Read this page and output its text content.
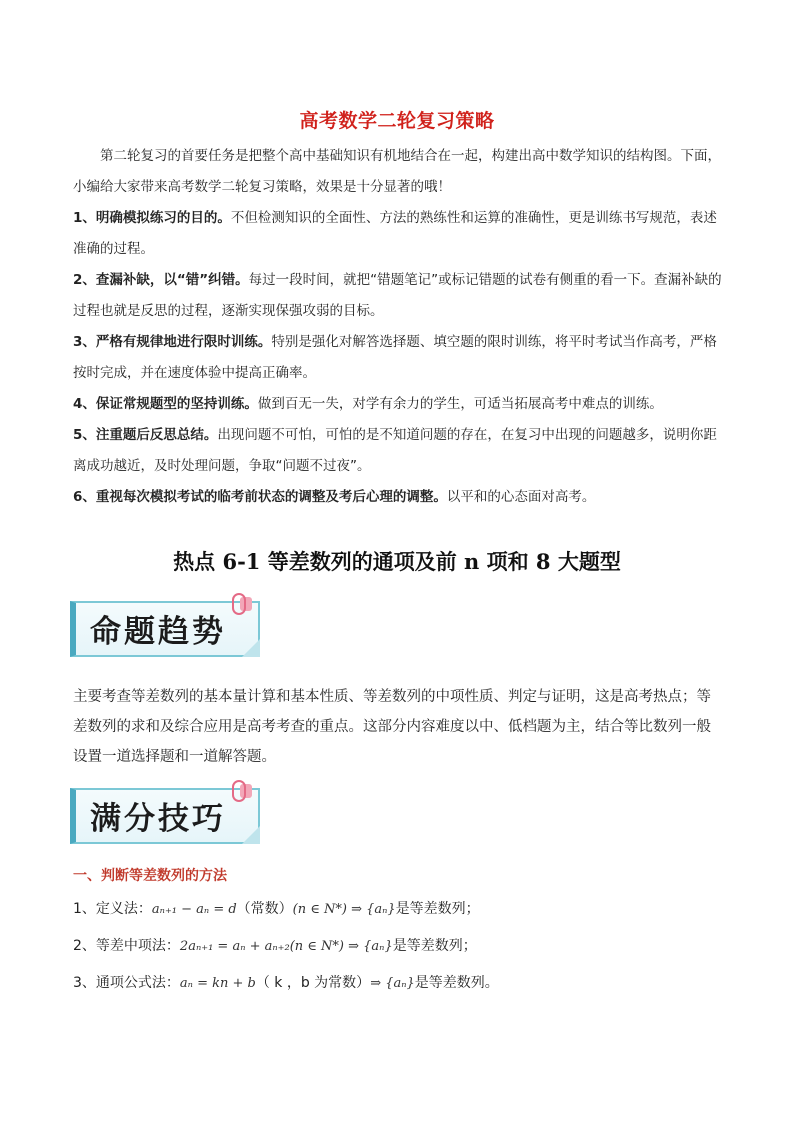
高考数学二轮复习策略
第二轮复习的首要任务是把整个高中基础知识有机地结合在一起，构建出高中数学知识的结构图。下面，小编给大家带来高考数学二轮复习策略，效果是十分显著的哦！
1、明确模拟练习的目的。不但检测知识的全面性、方法的熟练性和运算的准确性，更是训练书写规范，表述准确的过程。
2、查漏补缺，以“错”纠错。每过一段时间，就把“错题笔记”或标记错题的试卷有侧重的看一下。查漏补缺的过程也就是反思的过程，逐渐实现保强攻弱的目标。
3、严格有规律地进行限时训练。特别是强化对解答选择题、填空题的限时训练，将平时考试当作高考，严格按时完成，并在速度体验中提高正确率。
4、保证常规题型的坚持训练。做到百无一失，对学有余力的学生，可适当拓展高考中难点的训练。
5、注重题后反思总结。出现问题不可怕，可怕的是不知道问题的存在，在复习中出现的问题越多，说明你距离成功越近，及时处理问题，争取“问题不过夜”。
6、重视每次模拟考试的临考前状态的调整及考后心理的调整。以平和的心态面对高考。
热点 6-1 等差数列的通项及前 n 项和 8 大题型
命题趋势
主要考查等差数列的基本量计算和基本性质、等差数列的中项性质、判定与证明，这是高考热点；等差数列的求和及综合应用是高考考查的重点。这部分内容难度以中、低档题为主，结合等比数列一般设置一道选择题和一道解答题。
满分技巧
一、判断等差数列的方法
1、定义法：aₙ₊₁ − aₙ = d（常数）(n ∈ N*) ⇒ {aₙ}是等差数列；
2、等差中项法：2aₙ₊₁ = aₙ + aₙ₊₂(n ∈ N*) ⇒ {aₙ}是等差数列；
3、通项公式法：aₙ = kn + b（ k ，b 为常数）⇒ {aₙ}是等差数列。
